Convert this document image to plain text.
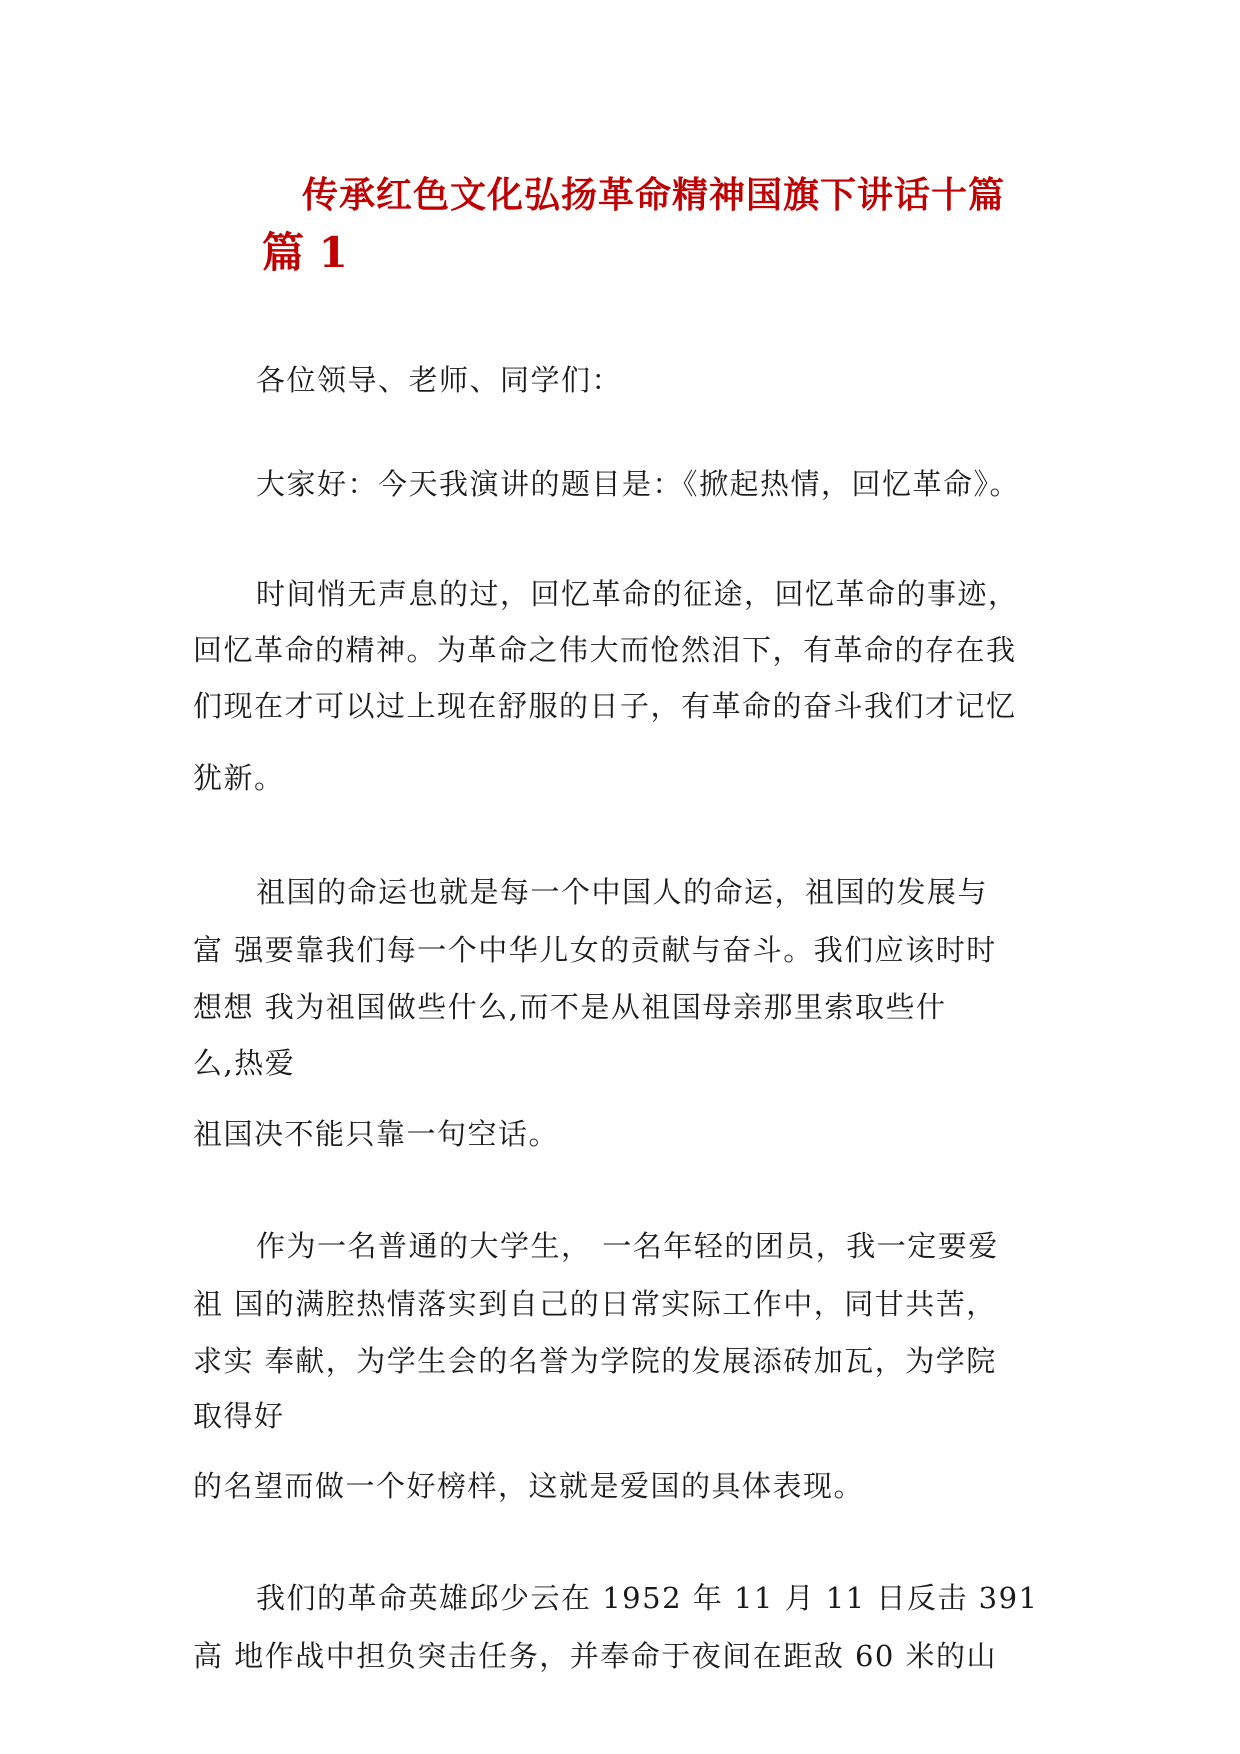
传承红色文化弘扬革命精神国旗下讲话十篇
篇 1

各位领导、老师、同学们：

大家好：今天我演讲的题目是：《掀起热情，回忆革命》。

时间悄无声息的过，回忆革命的征途，回忆革命的事迹，

回忆革命的精神。为革命之伟大而怆然泪下，有革命的存在我

们现在才可以过上现在舒服的日子，有革命的奋斗我们才记忆

犹新。

祖国的命运也就是每一个中国人的命运，祖国的发展与

富 强要靠我们每一个中华儿女的贡献与奋斗。我们应该时时

想想 我为祖国做些什么,而不是从祖国母亲那里索取些什

么,热爱

祖国决不能只靠一句空话。

作为一名普通的大学生， 一名年轻的团员，我一定要爱

祖 国的满腔热情落实到自己的日常实际工作中，同甘共苦，

求实 奉献，为学生会的名誉为学院的发展添砖加瓦，为学院

取得好

的名望而做一个好榜样，这就是爱国的具体表现。

我们的革命英雄邱少云在 1952 年 11 月 11 日反击 391

高 地作战中担负突击任务，并奉命于夜间在距敌 60 米的山
